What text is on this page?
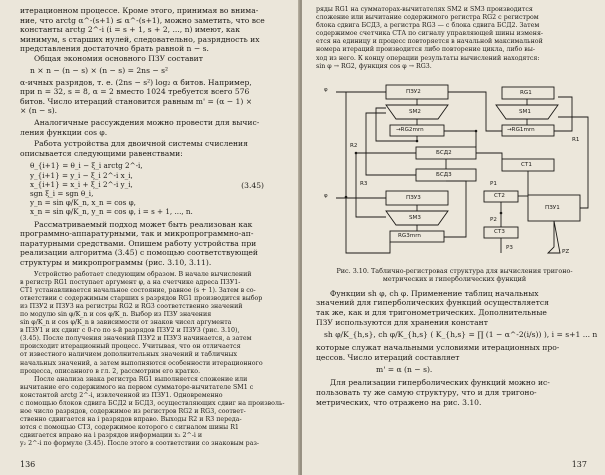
итерационном процессе. Кроме этого, принимая во внима-

ние, что arctg α^-(s+1) ≤ α^-(s+1), можно заметить, что все

константы arctg 2^-i (i = s + 1, s + 2, ..., n) имеют, как

минимум, s старших нулей, следовательно, разрядность их

представления достаточно брать равной n − s.

Общая экономия основного ПЗУ составит

n × n − (n − s) × (n − s) = 2ns − s²

α-ичных разрядов, т. е. (2ns − s²) log₂ α битов. Например,

при n = 32, s = 8, α = 2 вместо 1024 требуется всего 576

битов. Число итераций становится равным m' = (α − 1) ×

× (n − s).

Аналогичные рассуждения можно провести для вычис-

ления функции cos φ.

Работа устройства для двоичной системы счисления

описывается следующими равенствами:

θ_{i+1} = θ_i − ξ_i arctg 2^-i,

y_{i+1} = y_i − ξ_i 2^-i x_i,

x_{i+1} = x_i + ξ_i 2^-i y_i,

sgn ξ_i = sgn θ_i,

y_n = sin φ/K_n, x_n = cos φ,

x_n = sin φ/K_n, y_n = cos φ, i = s + 1, ..., n.

(3.45)

Рассматриваемый подход может быть реализован как

программно-аппаратурными, так и микропрограммно-ап-

паратурными средствами. Опишем работу устройства при

реализации алгоритма (3.45) с помощью соответствующей

структуры и микропрограммы (рис. 3.10, 3.11).

Устройство работает следующим образом. В начале вычислений

в регистр RG1 поступает аргумент φ, а на счетчике адреса ПЗУ1-

СТ1 устанавливается начальное состояние, равное (s + 1). Затем в со-

ответствии с содержимым старших s разрядов RG1 производится выбор

из ПЗУ2 и ПЗУ3 на регистры RG2 и RG3 соответственно значений

по модулю sin φ/K_n и cos φ/K_n. Выбор из ПЗУ значения

sin φ/K_n и cos φ/K_n в зависимости от знаков чисел аргумента

в ПЗУ1 и их сдвиг с 0-го по s-й разрядов ПЗУ2 и ПЗУ3 (рис. 3.10),

(3.45). После получения значений ПЗУ2 и ПЗУ3 начинается, а затем

происходит итерационный процесс. Учитывая, что он отличается

от известного наличием дополнительных значений и табличных

начальных значений, а затем выполняются особенности итерационного

процесса, описанного в гл. 2, рассмотрим его кратко.

После анализа знака регистра RG1 выполняется сложение или

вычитание его содержимого на первом сумматоре-вычитателе SM1 с

константой arctg 2^-i, извлеченной из ПЗУ1. Одновременно

с помощью блоков сдвига БСД2 и БСД3, осуществляющих сдвиг на произволь-

ное число разрядов, содержимое из регистров RG2 и RG3, соответ-

ственно сдвигается на i разрядов вправо. Выходы R2 и R3 переда-

ются с помощью СТ3, содержимое которого с сигналом шины R1

сдвигается вправо на i разрядов информации x₂ 2^-i и

y₂ 2^-i по формуле (3.45). После этого в соответствии со знаковым раз-

136

ряды RG1 на сумматорах-вычитателях SM2 и SM3 производится

сложение или вычитание содержимого регистра RG2 с регистром

блока сдвига БСД3, а регистра RG3 — с блока сдвига БСД2. Затем

содержимое счетчика СТА по сигналу управляющей шины изменя-

ется на единицу и процесс повторяется в начальной максимальной

номера итераций производится либо повторение цикла, либо вы-

ход из него. К концу операции результаты вычислений находятся:

sin φ → RG2, функция cos φ → RG3.

φ	ПЗУ2
SM2
→RG2mrn
SM1
→RG1mrn
RG1
БСД2
БСД3
CT1
ПЗУ3
SM3
RG3mrn
ПЗУ1
CT2
CT3
P1
P2
P3
PZ
R1
R2
R3
φ

Рис. 3.10. Таблично-регистровая структура для вычисления тригоно-

метрических и гиперболических функций

Функции sh φ, ch φ. Применение таблиц начальных

значений для гиперболических функций осуществляется

так же, как и для тригонометрических. Дополнительные

ПЗУ используются для хранения констант

sh φ/K_{h,s}, ch φ/K_{h,s} ( K_{h,s} = ∏ (1 − α^-2(i/s)) ), i = s+1 ... n

которые служат начальными условиями итерационных про-

цессов. Число итераций составляет

m' = α (n − s).

Для реализации гиперболических функций можно ис-

пользовать ту же самую структуру, что и для тригоно-

метрических, что отражено на рис. 3.10.

137
